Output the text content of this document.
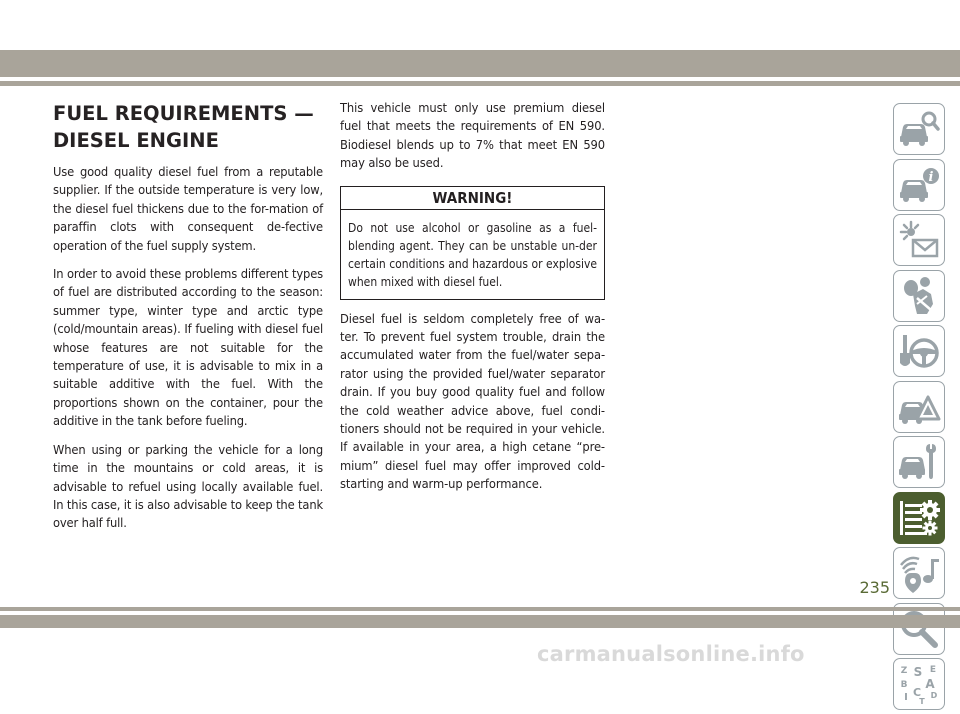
FUEL REQUIREMENTS —
DIESEL ENGINE

Use good quality diesel fuel from a reputable supplier. If the outside temperature is very low, the diesel fuel thickens due to the for-mation of paraffin clots with consequent de-fective operation of the fuel supply system.

In order to avoid these problems different types of fuel are distributed according to the season: summer type, winter type and arctic type (cold/mountain areas). If fueling with diesel fuel whose features are not suitable for the temperature of use, it is advisable to mix in a suitable additive with the fuel. With the proportions shown on the container, pour the additive in the tank before fueling.

When using or parking the vehicle for a long time in the mountains or cold areas, it is advisable to refuel using locally available fuel. In this case, it is also advisable to keep the tank over half full.

This vehicle must only use premium diesel fuel that meets the requirements of EN 590. Biodiesel blends up to 7% that meet EN 590 may also be used.

WARNING!
Do not use alcohol or gasoline as a fuel-blending agent. They can be unstable un-der certain conditions and hazardous or explosive when mixed with diesel fuel.

Diesel fuel is seldom completely free of wa-ter. To prevent fuel system trouble, drain the accumulated water from the fuel/water sepa-rator using the provided fuel/water separator drain. If you buy good quality fuel and follow the cold weather advice above, fuel condi-tioners should not be required in your vehicle. If available in your area, a high cetane “pre-mium” diesel fuel may offer improved cold-starting and warm-up performance.

i
Z	E
S
B A
I C D
T
235
carmanualsonline.info
